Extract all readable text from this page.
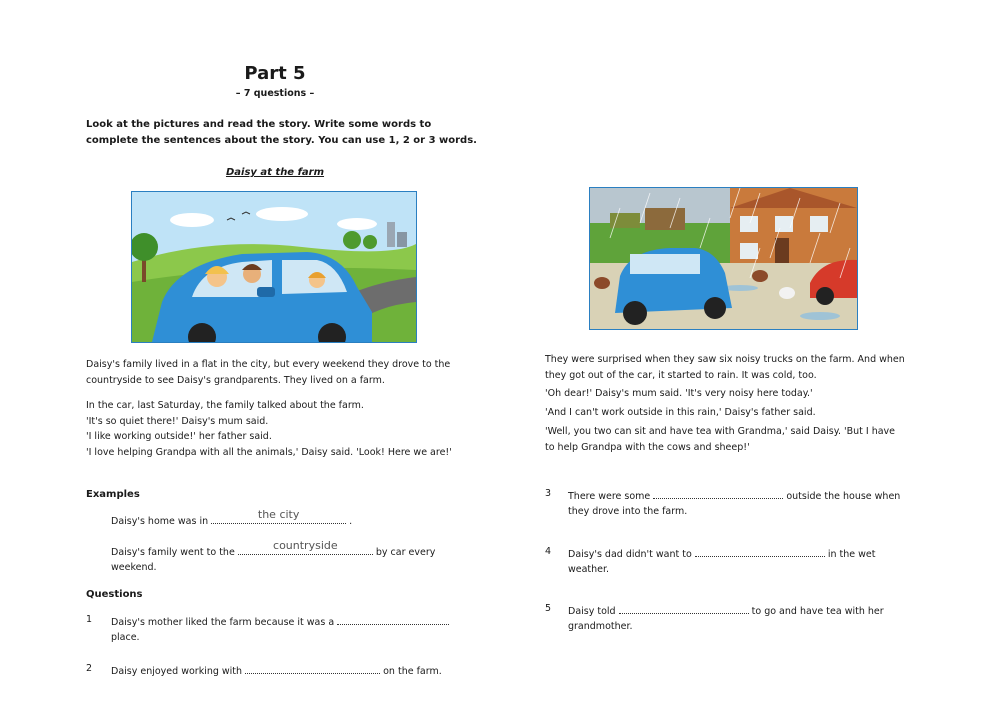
Part 5
– 7 questions –
Look at the pictures and read the story. Write some words to complete the sentences about the story. You can use 1, 2 or 3 words.
Daisy at the farm
Daisy's family lived in a flat in the city, but every weekend they drove to the countryside to see Daisy's grandparents. They lived on a farm.
In the car, last Saturday, the family talked about the farm.
'It's so quiet there!' Daisy's mum said.
'I like working outside!' her father said.
'I love helping Grandpa with all the animals,' Daisy said. 'Look! Here we are!'
They were surprised when they saw six noisy trucks on the farm. And when they got out of the car, it started to rain. It was cold, too.
'Oh dear!' Daisy's mum said. 'It's very noisy here today.'
'And I can't work outside in this rain,' Daisy's father said.
'Well, you two can sit and have tea with Grandma,' said Daisy. 'But I have to help Grandpa with the cows and sheep!'
Examples
Daisy's home was in
the city
.
Daisy's family went to the
countryside
by car every
weekend.
Questions
1 Daisy's mother liked the farm because it was a
place.
2 Daisy enjoyed working with	on the farm.
3 There were some	outside the house when
they drove into the farm.
4 Daisy's dad didn't want to	in the wet
weather.
5 Daisy told	to go and have tea with her
grandmother.
